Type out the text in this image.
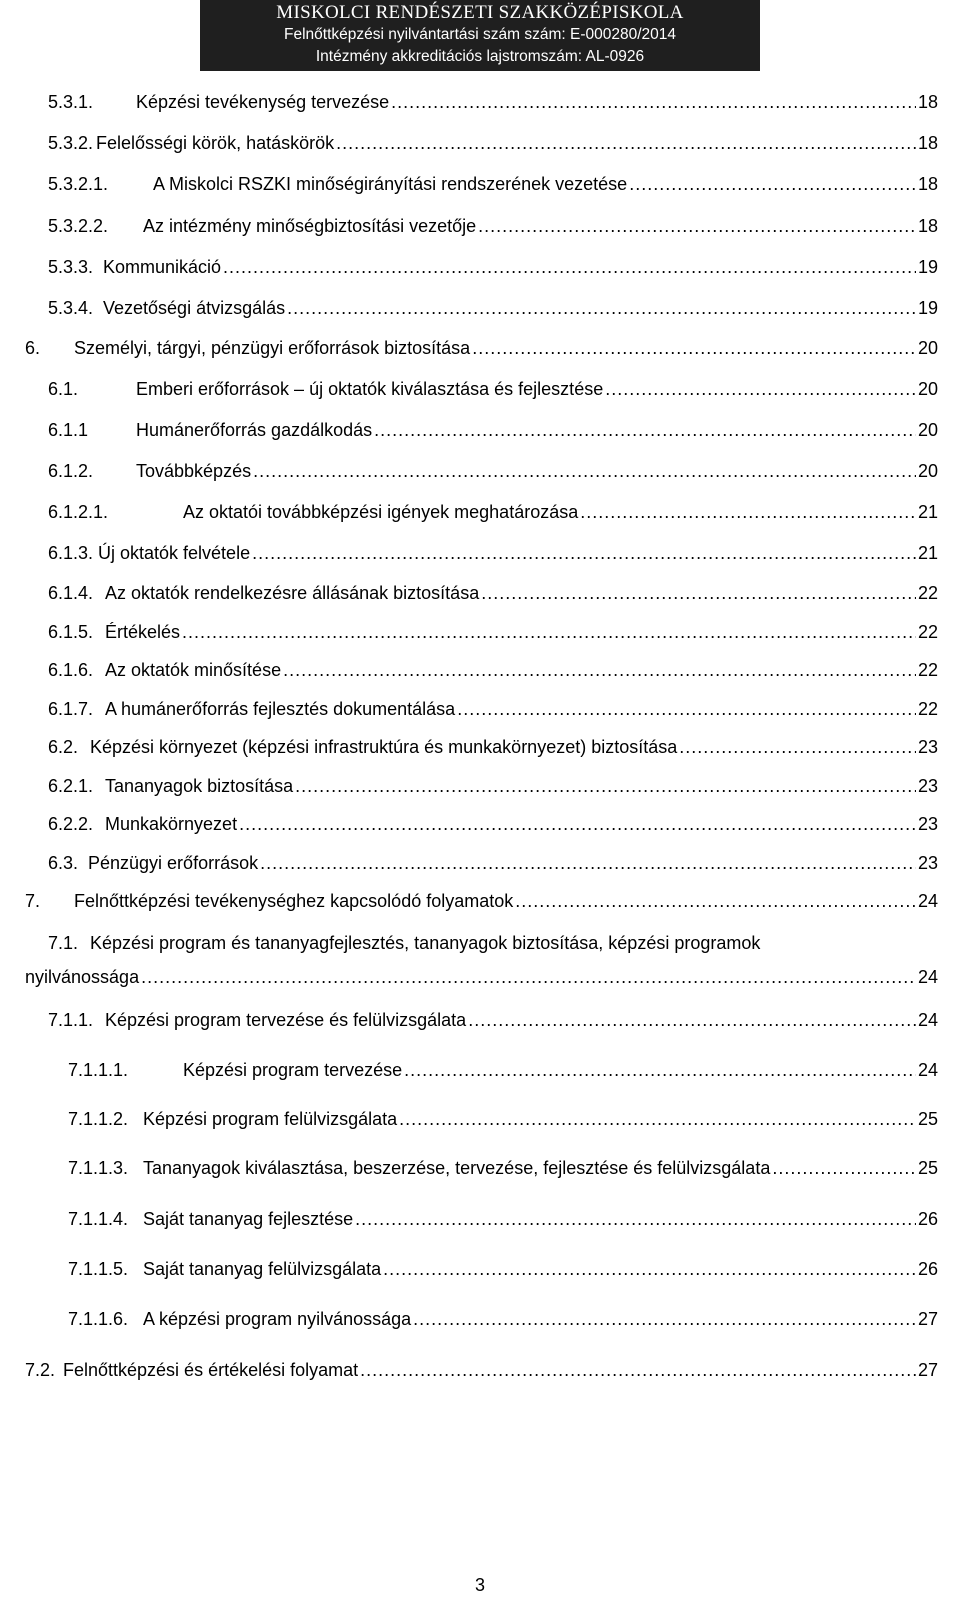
MISKOLCI RENDÉSZETI SZAKKÖZÉPISKOLA
Felnőttképzési nyilvántartási szám szám: E-000280/2014
Intézmény akkreditációs lajstromszám: AL-0926
5.3.1.	Képzési tevékenység tervezése .....	18
5.3.2. Felelősségi körök, hatáskörök .....	18
5.3.2.1.	A Miskolci RSZKI minőségirányítási rendszerének vezetése .....	18
5.3.2.2.	Az intézmény minőségbiztosítási vezetője .....	18
5.3.3. Kommunikáció .....	19
5.3.4. Vezetőségi átvizsgálás .....	19
6.	Személyi, tárgyi, pénzügyi erőforrások biztosítása .....	20
6.1.	Emberi erőforrások – új oktatók kiválasztása és fejlesztése .....	20
6.1.1	Humánerőforrás gazdálkodás .....	20
6.1.2.	Továbbképzés .....	20
6.1.2.1.	Az oktatói továbbképzési igények meghatározása .....	21
6.1.3. Új oktatók felvétele .....	21
6.1.4. Az oktatók rendelkezésre állásának biztosítása .....	22
6.1.5. Értékelés .....	22
6.1.6. Az oktatók minősítése .....	22
6.1.7. A humánerőforrás fejlesztés dokumentálása .....	22
6.2. Képzési környezet (képzési infrastruktúra és munkakörnyezet) biztosítása .....	23
6.2.1. Tananyagok biztosítása .....	23
6.2.2. Munkakörnyezet .....	23
6.3. Pénzügyi erőforrások .....	23
7.	Felnőttképzési tevékenységhez kapcsolódó folyamatok .....	24
7.1. Képzési program és tananyagfejlesztés, tananyagok biztosítása, képzési programok
nyilvánossága .....	24
7.1.1. Képzési program tervezése és felülvizsgálata .....	24
7.1.1.1.	Képzési program tervezése .....	24
7.1.1.2. Képzési program felülvizsgálata .....	25
7.1.1.3. Tananyagok kiválasztása, beszerzése, tervezése, fejlesztése és felülvizsgálata .....	25
7.1.1.4. Saját tananyag fejlesztése .....	26
7.1.1.5. Saját tananyag felülvizsgálata .....	26
7.1.1.6. A képzési program nyilvánossága .....	27
7.2. Felnőttképzési és értékelési folyamat .....	27
3
